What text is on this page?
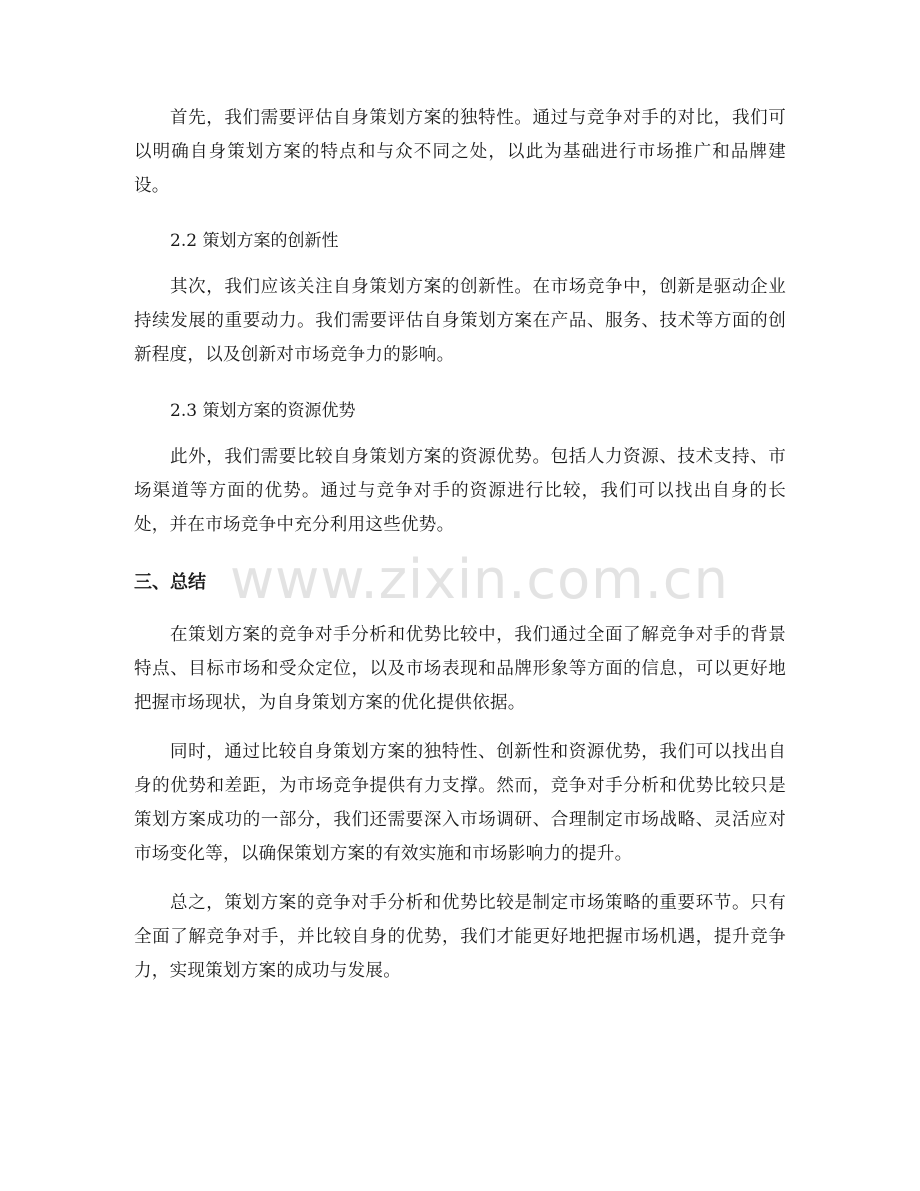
www.zixin.com.cn

首先，我们需要评估自身策划方案的独特性。通过与竞争对手的对比，我们可以明确自身策划方案的特点和与众不同之处，以此为基础进行市场推广和品牌建设。

2.2 策划方案的创新性

其次，我们应该关注自身策划方案的创新性。在市场竞争中，创新是驱动企业持续发展的重要动力。我们需要评估自身策划方案在产品、服务、技术等方面的创新程度，以及创新对市场竞争力的影响。

2.3 策划方案的资源优势

此外，我们需要比较自身策划方案的资源优势。包括人力资源、技术支持、市场渠道等方面的优势。通过与竞争对手的资源进行比较，我们可以找出自身的长处，并在市场竞争中充分利用这些优势。

三、总结

在策划方案的竞争对手分析和优势比较中，我们通过全面了解竞争对手的背景特点、目标市场和受众定位，以及市场表现和品牌形象等方面的信息，可以更好地把握市场现状，为自身策划方案的优化提供依据。

同时，通过比较自身策划方案的独特性、创新性和资源优势，我们可以找出自身的优势和差距，为市场竞争提供有力支撑。然而，竞争对手分析和优势比较只是策划方案成功的一部分，我们还需要深入市场调研、合理制定市场战略、灵活应对市场变化等，以确保策划方案的有效实施和市场影响力的提升。

总之，策划方案的竞争对手分析和优势比较是制定市场策略的重要环节。只有全面了解竞争对手，并比较自身的优势，我们才能更好地把握市场机遇，提升竞争力，实现策划方案的成功与发展。
